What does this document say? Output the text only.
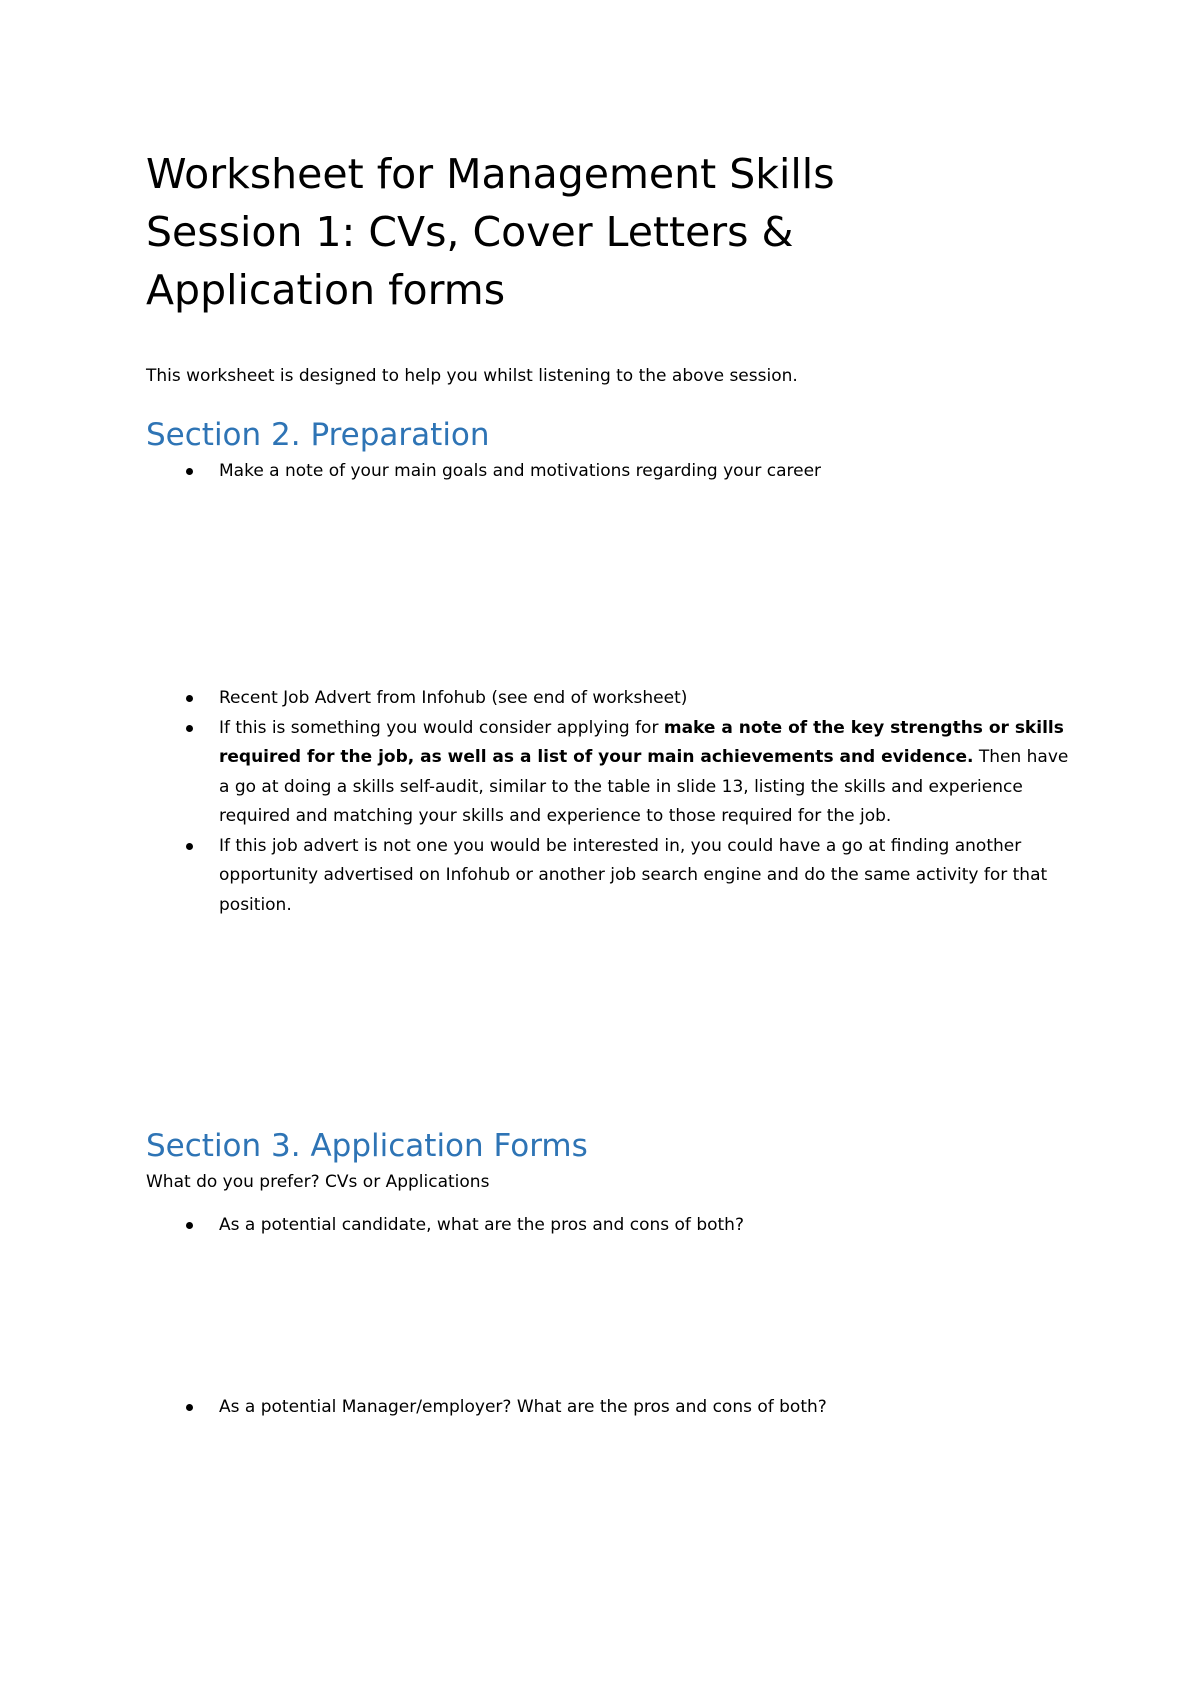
Worksheet for Management Skills
Session 1: CVs, Cover Letters &
Application forms

This worksheet is designed to help you whilst listening to the above session.

Section 2. Preparation
Make a note of your main goals and motivations regarding your career
Recent Job Advert from Infohub (see end of worksheet)
If this is something you would consider applying for make a note of the key strengths or skills required for the job, as well as a list of your main achievements and evidence. Then have a go at doing a skills self-audit, similar to the table in slide 13, listing the skills and experience required and matching your skills and experience to those required for the job.
If this job advert is not one you would be interested in, you could have a go at finding another opportunity advertised on Infohub or another job search engine and do the same activity for that position.
Section 3. Application Forms

What do you prefer? CVs or Applications

As a potential candidate, what are the pros and cons of both?
As a potential Manager/employer? What are the pros and cons of both?
